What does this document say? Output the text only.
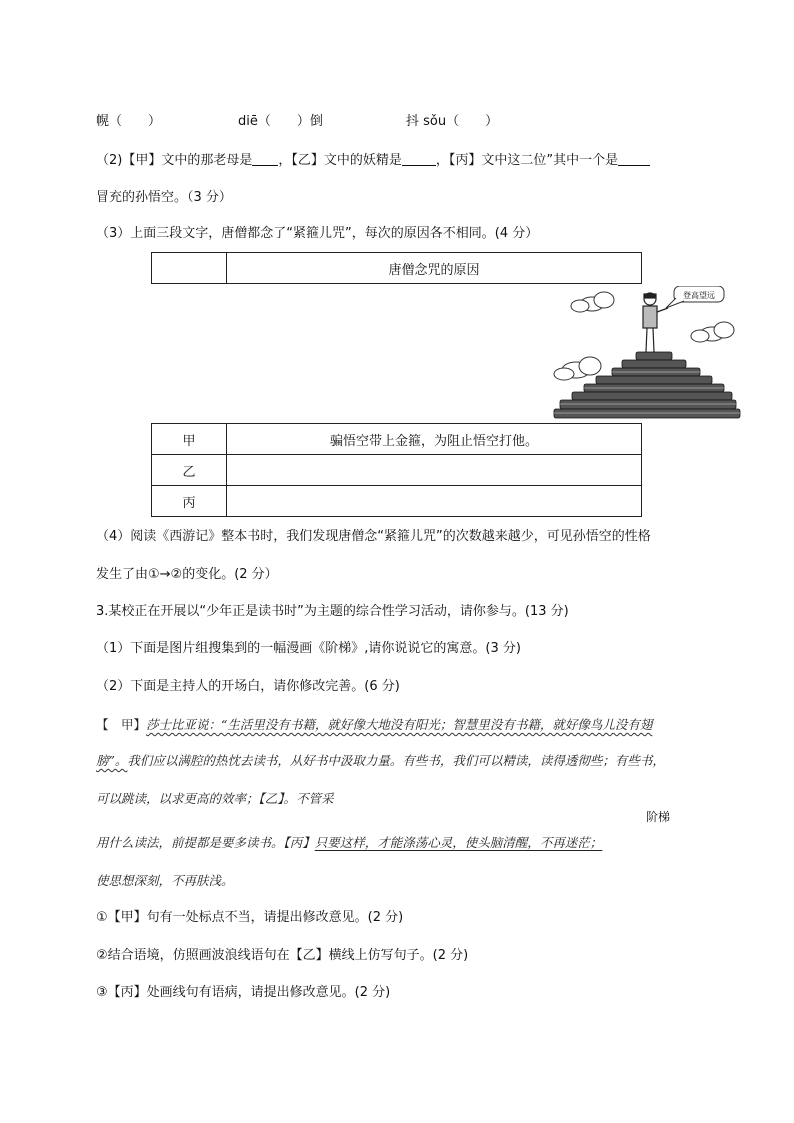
幌（　　）	diē（　　）倒	抖 sǒu（　　）
（2)【甲】文中的那老母是 ，【乙】文中的妖精是	，【丙】文中这二位”其中一个是
冒充的孙悟空。（3 分）
（3）上面三段文字，唐僧都念了“紧箍儿咒”，每次的原因各不相同。(4 分）
	唐僧念咒的原因
甲	骗悟空带上金箍，为阻止悟空打他。
乙	
丙	
登高望远
（4）阅读《西游记》整本书时，我们发现唐僧念“紧箍儿咒”的次数越来越少，可见孙悟空的性格
发生了由①→②的变化。(2 分）
3.某校正在开展以“少年正是读书时”为主题的综合性学习活动，请你参与。(13 分)
（1）下面是图片组搜集到的一幅漫画《阶梯》,请你说说它的寓意。(3 分)
（2）下面是主持人的开场白，请你修改完善。(6 分)
【　甲】莎士比亚说：“生活里没有书籍，就好像大地没有阳光；智慧里没有书籍，就好像鸟儿没有翅
膀”。我们应以满腔的热忱去读书，从好书中汲取力量。有些书，我们可以精读，读得透彻些；有些书，
可以跳读，以求更高的效率；【乙】。不管采
阶梯
用什么读法，前提都是要多读书。【丙】只要这样，才能涤荡心灵，使头脑清醒，不再迷茫；
使思想深刻，不再肤浅。
①【甲】句有一处标点不当，请提出修改意见。(2 分)
②结合语境，仿照画波浪线语句在【乙】横线上仿写句子。(2 分)
③【丙】处画线句有语病，请提出修改意见。(2 分)
